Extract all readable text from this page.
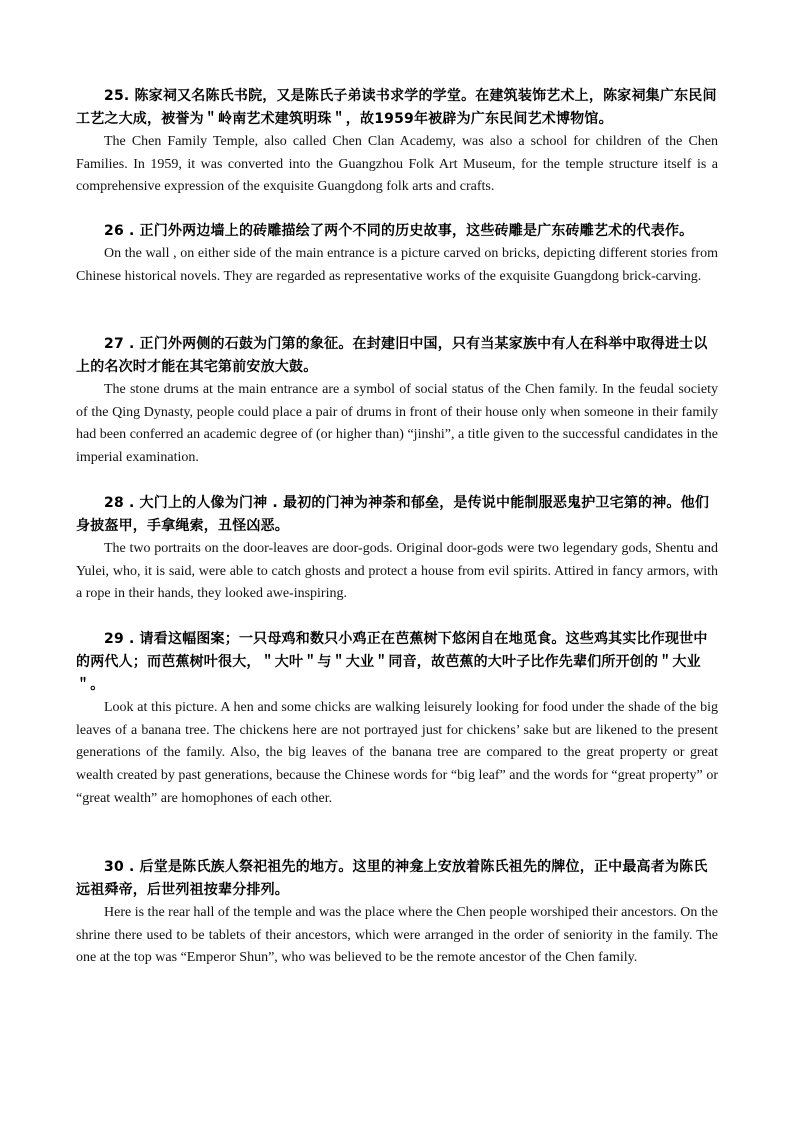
25. 陈家祠又名陈氏书院，又是陈氏子弟读书求学的学堂。在建筑装饰艺术上，陈家祠集广东民间工艺之大成，被誉为＂岭南艺术建筑明珠＂，故1959年被辟为广东民间艺术博物馆。

The Chen Family Temple, also called Chen Clan Academy, was also a school for children of the Chen Families. In 1959, it was converted into the Guangzhou Folk Art Museum, for the temple structure itself is a comprehensive expression of the exquisite Guangdong folk arts and crafts.

26 . 正门外两边墙上的砖雕描绘了两个不同的历史故事，这些砖雕是广东砖雕艺术的代表作。

On the wall , on either side of the main entrance is a picture carved on bricks, depicting different stories from Chinese historical novels. They are regarded as representative works of the exquisite Guangdong brick-carving.

27 . 正门外两侧的石鼓为门第的象征。在封建旧中国，只有当某家族中有人在科举中取得进士以上的名次时才能在其宅第前安放大鼓。

The stone drums at the main entrance are a symbol of social status of the Chen family. In the feudal society of the Qing Dynasty, people could place a pair of drums in front of their house only when someone in their family had been conferred an academic degree of (or higher than) “jinshi”, a title given to the successful candidates in the imperial examination.

28 . 大门上的人像为门神 . 最初的门神为神荼和郁垒，是传说中能制服恶鬼护卫宅第的神。他们身披盔甲，手拿绳索，丑怪凶恶。

The two portraits on the door-leaves are door-gods. Original door-gods were two legendary gods, Shentu and Yulei, who, it is said, were able to catch ghosts and protect a house from evil spirits. Attired in fancy armors, with a rope in their hands, they looked awe-inspiring.

29 . 请看这幅图案；一只母鸡和数只小鸡正在芭蕉树下悠闲自在地觅食。这些鸡其实比作现世中的两代人；而芭蕉树叶很大，＂大叶＂与＂大业＂同音，故芭蕉的大叶子比作先辈们所开创的＂大业＂。

Look at this picture. A hen and some chicks are walking leisurely looking for food under the shade of the big leaves of a banana tree. The chickens here are not portrayed just for chickens’ sake but are likened to the present generations of the family. Also, the big leaves of the banana tree are compared to the great property or great wealth created by past generations, because the Chinese words for “big leaf” and the words for “great property” or “great wealth” are homophones of each other.

30 . 后堂是陈氏族人祭祀祖先的地方。这里的神龛上安放着陈氏祖先的牌位，正中最高者为陈氏远祖舜帝，后世列祖按辈分排列。

Here is the rear hall of the temple and was the place where the Chen people worshiped their ancestors. On the shrine there used to be tablets of their ancestors, which were arranged in the order of seniority in the family. The one at the top was “Emperor Shun”, who was believed to be the remote ancestor of the Chen family.
